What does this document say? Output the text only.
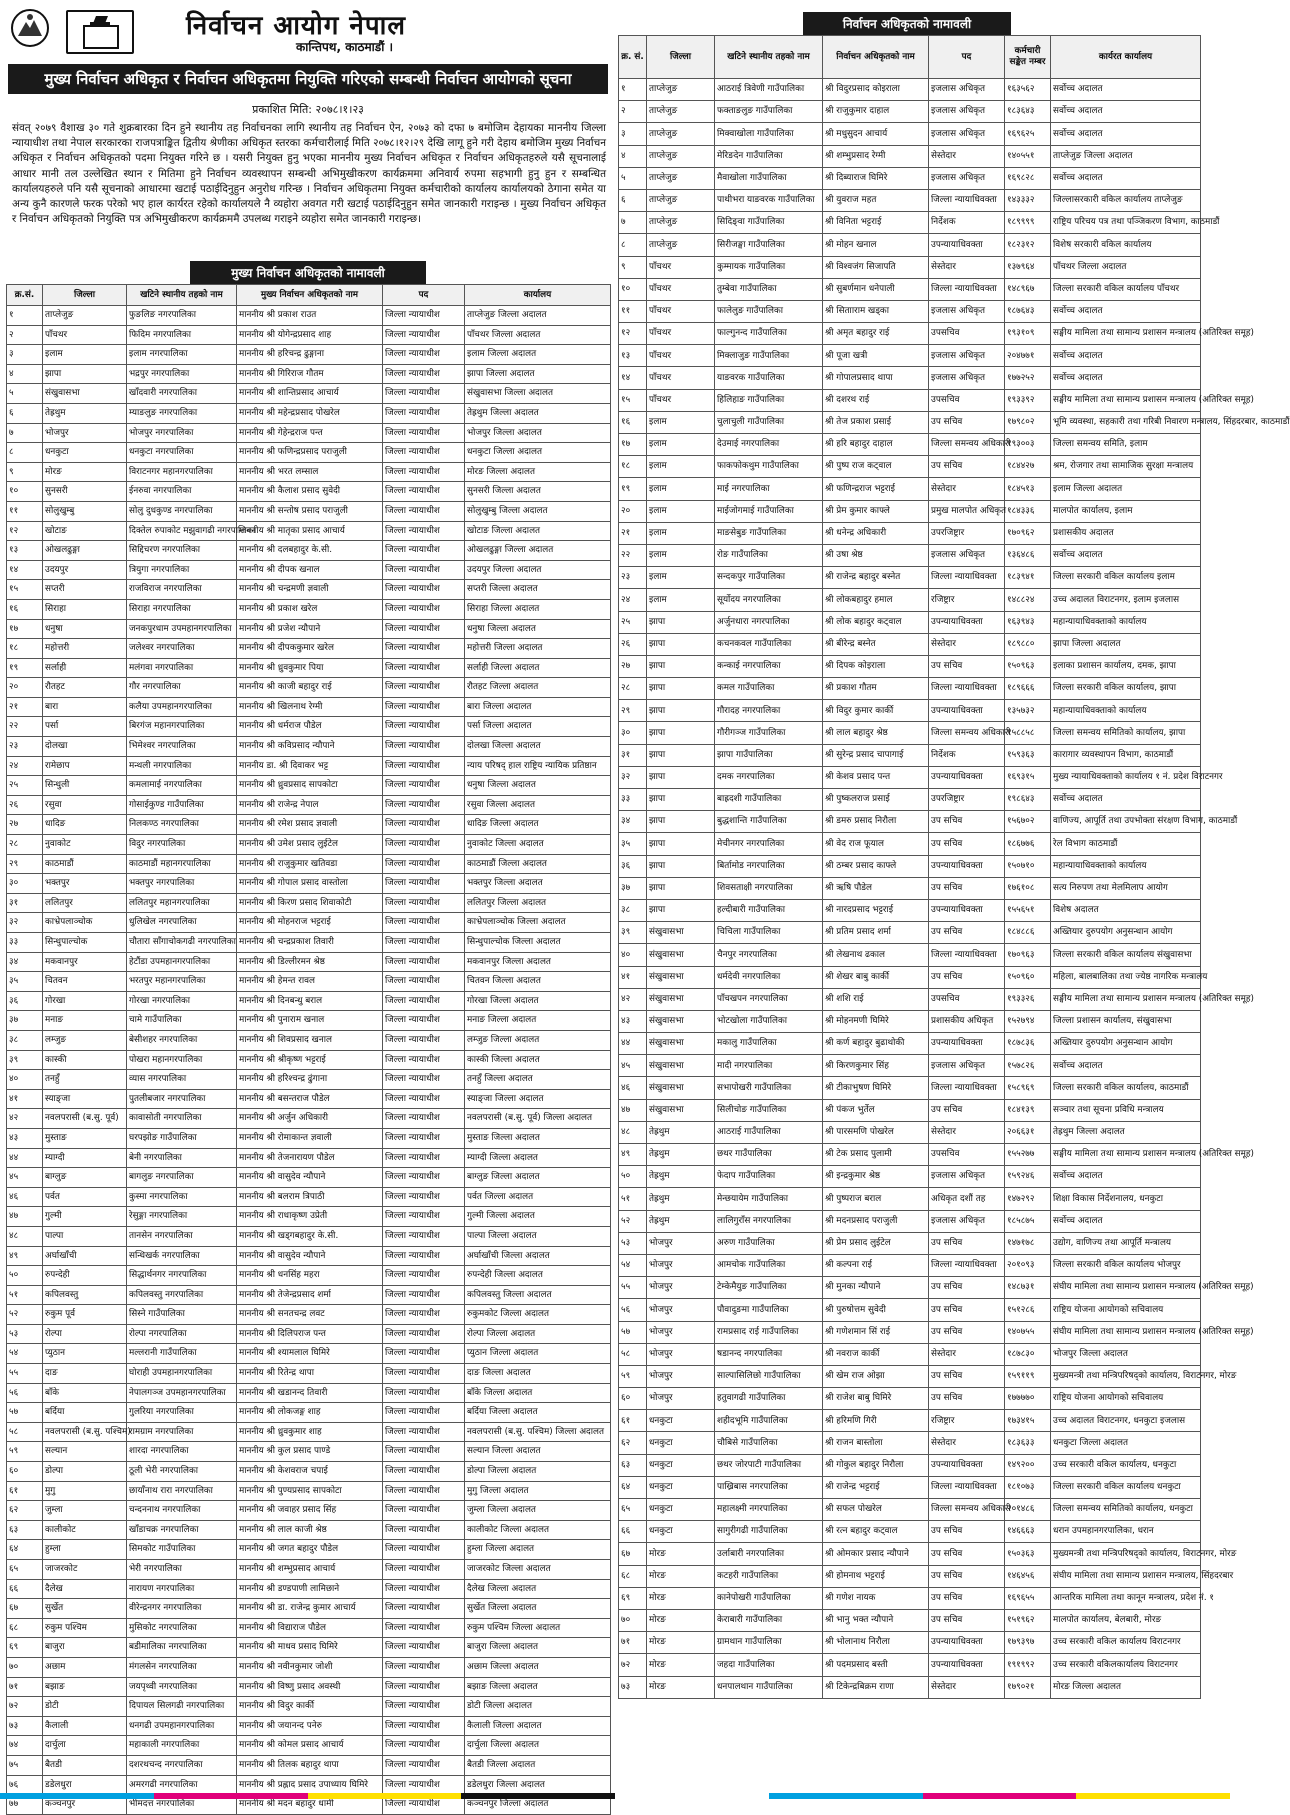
निर्वाचन आयोग नेपाल
कान्तिपथ, काठमाडौं ।
मुख्य निर्वाचन अधिकृत र निर्वाचन अधिकृतमा नियुक्ति गरिएको सम्बन्धी निर्वाचन आयोगको सूचना
प्रकाशित मिति: २०७८।१।२३
संवत् २०७९ वैशाख ३० गते शुक्रबारका दिन हुने स्थानीय तह निर्वाचनका लागि स्थानीय तह निर्वाचन ऐन, २०७३ को दफा ७ बमोजिम देहायका माननीय जिल्ला न्यायाधीश तथा नेपाल सरकारका राजपत्राङ्कित द्वितीय श्रेणीका अधिकृत स्तरका कर्मचारीलाई मिति २०७८।१२।२९ देखि लागू हुने गरी देहाय बमोजिम मुख्य निर्वाचन अधिकृत र निर्वाचन अधिकृतको पदमा नियुक्त गरिने छ । यसरी नियुक्त हुनु भएका माननीय मुख्य निर्वाचन अधिकृत र निर्वाचन अधिकृतहरुले यसै सूचनालाई आधार मानी तल उल्लेखित स्थान र मितिमा हुने निर्वाचन व्यवस्थापन सम्बन्धी अभिमुखीकरण कार्यक्रममा अनिवार्य रुपमा सहभागी हुनु हुन र सम्बन्धित कार्यालयहरुले पनि यसै सूचनाको आधारमा खटाई पठाईदिनुहुन अनुरोध गरिन्छ । निर्वाचन अधिकृतमा नियुक्त कर्मचारीको कार्यालय कार्यालयको ठेगाना समेत या अन्य कुनै कारणले फरक परेको भए हाल कार्यरत रहेको कार्यालयले नै व्यहोरा अवगत गरी खटाई पठाईदिनुहुन समेत जानकारी गराइन्छ । मुख्य निर्वाचन अधिकृत र निर्वाचन अधिकृतको नियुक्ति पत्र अभिमुखीकरण कार्यक्रममै उपलब्ध गराइने व्यहोरा समेत जानकारी गराइन्छ।
मुख्य निर्वाचन अधिकृतको नामावली
क्र.सं.	जिल्ला	खटिने स्थानीय तहको नाम	मुख्य निर्वाचन अधिकृतको नाम	पद	कार्यालय
१	ताप्लेजुङ	फुङलिङ नगरपालिका	माननीय श्री प्रकाश राउत	जिल्ला न्यायाधीश	ताप्लेजुङ जिल्ला अदालत
२	पाँचथर	फिदिम नगरपालिका	माननीय श्री योगेन्द्रप्रसाद शाह	जिल्ला न्यायाधीश	पाँचथर जिल्ला अदालत
३	इलाम	इलाम नगरपालिका	माननीय श्री हरिचन्द्र ढुङ्गाना	जिल्ला न्यायाधीश	इलाम जिल्ला अदालत
४	झापा	भद्रपुर नगरपालिका	माननीय श्री गिरिराज गौतम	जिल्ला न्यायाधीश	झापा जिल्ला अदालत
५	संखुवासभा	खाँदवारी नगरपालिका	माननीय श्री शान्तिप्रसाद आचार्य	जिल्ला न्यायाधीश	संखुवासभा जिल्ला अदालत
६	तेह्रथुम	म्याङलुङ नगरपालिका	माननीय श्री महेन्द्रप्रसाद पोखरेल	जिल्ला न्यायाधीश	तेह्रथुम जिल्ला अदालत
७	भोजपुर	भोजपुर नगरपालिका	माननीय श्री गेहेन्द्रराज पन्त	जिल्ला न्यायाधीश	भोजपुर जिल्ला अदालत
८	धनकुटा	धनकुटा नगरपालिका	माननीय श्री फणिन्द्रप्रसाद पराजुली	जिल्ला न्यायाधीश	धनकुटा जिल्ला अदालत
९	मोरङ	विराटनगर महानगरपालिका	माननीय श्री भरत लम्साल	जिल्ला न्यायाधीश	मोरङ जिल्ला अदालत
१०	सुनसरी	ईनरुवा नगरपालिका	माननीय श्री कैलाश प्रसाद सुवेदी	जिल्ला न्यायाधीश	सुनसरी जिल्ला अदालत
११	सोलुखुम्बु	सोलु दुधकुण्ड नगरपालिका	माननीय श्री सन्तोष प्रसाद पराजुली	जिल्ला न्यायाधीश	सोलुखुम्बु जिल्ला अदालत
१२	खोटाङ	दिक्तेल रुपाकोट मझुवागढी नगरपालिका	माननीय श्री मातृका प्रसाद आचार्य	जिल्ला न्यायाधीश	खोटाङ जिल्ला अदालत
१३	ओखलढुङ्गा	सिद्दिचरण नगरपालिका	माननीय श्री दलबहादुर के.सी.	जिल्ला न्यायाधीश	ओखलढुङ्गा जिल्ला अदालत
१४	उदयपुर	त्रियुगा नगरपालिका	माननीय श्री दीपक खनाल	जिल्ला न्यायाधीश	उदयपुर जिल्ला अदालत
१५	सप्तरी	राजविराज नगरपालिका	माननीय श्री चन्द्रमणी ज्ञवाली	जिल्ला न्यायाधीश	सप्तरी जिल्ला अदालत
१६	सिराहा	सिराहा नगरपालिका	माननीय श्री प्रकाश खरेल	जिल्ला न्यायाधीश	सिराहा जिल्ला अदालत
१७	धनुषा	जनकपुरधाम उपमहानगरपालिका	माननीय श्री प्रजेश न्यौपाने	जिल्ला न्यायाधीश	धनुषा जिल्ला अदालत
१८	महोत्तरी	जलेश्वर नगरपालिका	माननीय श्री दीपककुमार खरेल	जिल्ला न्यायाधीश	महोत्तरी जिल्ला अदालत
१९	सर्लाही	मलंगवा नगरपालिका	माननीय श्री ध्रुवकुमार पिया	जिल्ला न्यायाधीश	सर्लाही जिल्ला अदालत
२०	रौतहट	गौर नगरपालिका	माननीय श्री काजी बहादुर राई	जिल्ला न्यायाधीश	रौतहट जिल्ला अदालत
२१	बारा	कलैया उपमहानगरपालिका	माननीय श्री खिलनाथ रेग्मी	जिल्ला न्यायाधीश	बारा जिल्ला अदालत
२२	पर्सा	बिरगंज महानगरपालिका	माननीय श्री धर्मराज पौडेल	जिल्ला न्यायाधीश	पर्सा जिल्ला अदालत
२३	दोलखा	भिमेश्वर नगरपालिका	माननीय श्री कविप्रसाद न्यौपाने	जिल्ला न्यायाधीश	दोलखा जिल्ला अदालत
२४	रामेछाप	मन्थली नगरपालिका	माननीय डा. श्री दिवाकर भट्ट	जिल्ला न्यायाधीश	न्याय परिषद् हाल राष्ट्रिय न्यायिक प्रतिष्ठान
२५	सिन्धुली	कमलामाई नगरपालिका	माननीय श्री ध्रुवप्रसाद सापकोटा	जिल्ला न्यायाधीश	धनुषा जिल्ला अदालत
२६	रसुवा	गोसाईकुण्ड गाउँपालिका	माननीय श्री राजेन्द्र नेपाल	जिल्ला न्यायाधीश	रसुवा जिल्ला अदालत
२७	धादिङ	निलकण्ठ नगरपालिका	माननीय श्री रमेश प्रसाद ज्ञवाली	जिल्ला न्यायाधीश	धादिङ जिल्ला अदालत
२८	नुवाकोट	विदुर नगरपालिका	माननीय श्री उमेश प्रसाद लुईटेल	जिल्ला न्यायाधीश	नुवाकोट जिल्ला अदालत
२९	काठमाडौं	काठमाडौं महानगरपालिका	माननीय श्री राजुकुमार खतिवडा	जिल्ला न्यायाधीश	काठमाडौं जिल्ला अदालत
३०	भक्तपुर	भक्तपुर नगरपालिका	माननीय श्री गोपाल प्रसाद वास्तोला	जिल्ला न्यायाधीश	भक्तपुर जिल्ला अदालत
३१	ललितपुर	ललितपुर महानगरपालिका	माननीय श्री किरण प्रसाद शिवाकोटी	जिल्ला न्यायाधीश	ललितपुर जिल्ला अदालत
३२	काभ्रेपलाञ्चोक	धुलिखेल नगरपालिका	माननीय श्री मोहनराज भट्टराई	जिल्ला न्यायाधीश	काभ्रेपलाञ्चोक जिल्ला अदालत
३३	सिन्धुपाल्चोक	चौतारा साँगाचोकगढी नगरपालिका	माननीय श्री चन्द्रप्रकाश तिवारी	जिल्ला न्यायाधीश	सिन्धुपाल्चोक जिल्ला अदालत
३४	मकवानपुर	हेटौंडा उपमहानगरपालिका	माननीय श्री डिल्लीरमन श्रेष्ठ	जिल्ला न्यायाधीश	मकवानपुर जिल्ला अदालत
३५	चितवन	भरतपुर महानगरपालिका	माननीय श्री हेमन्त रावल	जिल्ला न्यायाधीश	चितवन जिल्ला अदालत
३६	गोरखा	गोरखा नगरपालिका	माननीय श्री दिनबन्धु बराल	जिल्ला न्यायाधीश	गोरखा जिल्ला अदालत
३७	मनाङ	चामे गाउँपालिका	माननीय श्री पुनाराम खनाल	जिल्ला न्यायाधीश	मनाङ जिल्ला अदालत
३८	लम्जुङ	बेसीशहर नगरपालिका	माननीय श्री शिवप्रसाद खनाल	जिल्ला न्यायाधीश	लम्जुङ जिल्ला अदालत
३९	कास्की	पोखरा महानगरपालिका	माननीय श्री श्रीकृष्ण भट्टराई	जिल्ला न्यायाधीश	कास्की जिल्ला अदालत
४०	तनहुँ	व्यास नगरपालिका	माननीय श्री हरिश्चन्द्र ढुंगाना	जिल्ला न्यायाधीश	तनहुँ जिल्ला अदालत
४१	स्याङ्जा	पुतलीबजार नगरपालिका	माननीय श्री बसन्तराज पौडेल	जिल्ला न्यायाधीश	स्याङ्जा जिल्ला अदालत
४२	नवलपरासी (ब.सु. पूर्व)	कावासोती नगरपालिका	माननीय श्री अर्जुन अधिकारी	जिल्ला न्यायाधीश	नवलपरासी (ब.सु. पूर्व) जिल्ला अदालत
४३	मुस्ताङ	घरपझोङ गाउँपालिका	माननीय श्री रोमाकान्त ज्ञवाली	जिल्ला न्यायाधीश	मुस्ताङ जिल्ला अदालत
४४	म्याग्दी	बेनी नगरपालिका	माननीय श्री तेजनारायण पौडेल	जिल्ला न्यायाधीश	म्याग्दी जिल्ला अदालत
४५	बाग्लुङ	बागलुङ नगरपालिका	माननीय श्री वासुदेव न्यौपाने	जिल्ला न्यायाधीश	बाग्लुङ जिल्ला अदालत
४६	पर्वत	कुस्मा नगरपालिका	माननीय श्री बलराम त्रिपाठी	जिल्ला न्यायाधीश	पर्वत जिल्ला अदालत
४७	गुल्मी	रेसुङ्गा नगरपालिका	माननीय श्री राधाकृष्ण उप्रेती	जिल्ला न्यायाधीश	गुल्मी जिल्ला अदालत
४८	पाल्पा	तानसेन नगरपालिका	माननीय श्री खड्गबहादुर के.सी.	जिल्ला न्यायाधीश	पाल्पा जिल्ला अदालत
४९	अर्घाखाँची	सन्धिखर्क नगरपालिका	माननीय श्री वासुदेव न्यौपाने	जिल्ला न्यायाधीश	अर्घाखाँची जिल्ला अदालत
५०	रुपन्देही	सिद्धार्थनगर नगरपालिका	माननीय श्री धनसिंह महरा	जिल्ला न्यायाधीश	रुपन्देही जिल्ला अदालत
५१	कपिलवस्तु	कपिलवस्तु नगरपालिका	माननीय श्री तेजेन्द्रप्रसाद शर्मा	जिल्ला न्यायाधीश	कपिलवस्तु जिल्ला अदालत
५२	रुकुम पूर्व	सिस्ने गाउँपालिका	माननीय श्री सनतचन्द्र लवट	जिल्ला न्यायाधीश	रुकुमकोट जिल्ला अदालत
५३	रोल्पा	रोल्पा नगरपालिका	माननीय श्री दिलिपराज पन्त	जिल्ला न्यायाधीश	रोल्पा जिल्ला अदालत
५४	प्युठान	मल्लरानी गाउँपालिका	माननीय श्री श्यामलाल घिमिरे	जिल्ला न्यायाधीश	प्युठान जिल्ला अदालत
५५	दाङ	घोराही उपमहानगरपालिका	माननीय श्री रितेन्द्र थापा	जिल्ला न्यायाधीश	दाङ जिल्ला अदालत
५६	बाँके	नेपालगञ्ज उपमहानगरपालिका	माननीय श्री खडानन्द तिवारी	जिल्ला न्यायाधीश	बाँके जिल्ला अदालत
५७	बर्दिया	गुलरिया नगरपालिका	माननीय श्री लोकजङ्ग शाह	जिल्ला न्यायाधीश	बर्दिया जिल्ला अदालत
५८	नवलपरासी (ब.सु. पश्चिम)	रामग्राम नगरपालिका	माननीय श्री ध्रुवकुमार शाह	जिल्ला न्यायाधीश	नवलपरासी (ब.सु. पश्चिम) जिल्ला अदालत
५९	सल्यान	शारदा नगरपालिका	माननीय श्री कुल प्रसाद पाण्डे	जिल्ला न्यायाधीश	सल्यान जिल्ला अदालत
६०	डोल्पा	ठूली भेरी नगरपालिका	माननीय श्री केशवराज चपाई	जिल्ला न्यायाधीश	डोल्पा जिल्ला अदालत
६१	मुगु	छायाँनाथ रारा नगरपालिका	माननीय श्री पुण्यप्रसाद सापकोटा	जिल्ला न्यायाधीश	मुगु जिल्ला अदालत
६२	जुम्ला	चन्दननाथ नगरपालिका	माननीय श्री जवाहर प्रसाद सिंह	जिल्ला न्यायाधीश	जुम्ला जिल्ला अदालत
६३	कालीकोट	खाँडाचक्र नगरपालिका	माननीय श्री लाल काजी श्रेष्ठ	जिल्ला न्यायाधीश	कालीकोट जिल्ला अदालत
६४	हुम्ला	सिमकोट गाउँपालिका	माननीय श्री जगत बहादुर पौडेल	जिल्ला न्यायाधीश	हुम्ला जिल्ला अदालत
६५	जाजरकोट	भेरी नगरपालिका	माननीय श्री शम्भुप्रसाद आचार्य	जिल्ला न्यायाधीश	जाजरकोट जिल्ला अदालत
६६	दैलेख	नारायण नगरपालिका	माननीय श्री डण्डपाणी लामिछाने	जिल्ला न्यायाधीश	दैलेख जिल्ला अदालत
६७	सुर्खेत	वीरेन्द्रनगर नगरपालिका	माननीय श्री डा. राजेन्द्र कुमार आचार्य	जिल्ला न्यायाधीश	सुर्खेत जिल्ला अदालत
६८	रुकुम पश्चिम	मुसिकोट नगरपालिका	माननीय श्री विद्याराज पौडेल	जिल्ला न्यायाधीश	रुकुम पश्चिम जिल्ला अदालत
६९	बाजुरा	बडीमालिका नगरपालिका	माननीय श्री माधव प्रसाद घिमिरे	जिल्ला न्यायाधीश	बाजुरा जिल्ला अदालत
७०	अछाम	मंगलसेन नगरपालिका	माननीय श्री नवीनकुमार जोशी	जिल्ला न्यायाधीश	अछाम जिल्ला अदालत
७१	बझाङ	जयपृथ्वी नगरपालिका	माननीय श्री विष्णु प्रसाद अवस्थी	जिल्ला न्यायाधीश	बझाङ जिल्ला अदालत
७२	डोटी	दिपायल सिलगढी नगरपालिका	माननीय श्री विदुर कार्की	जिल्ला न्यायाधीश	डोटी जिल्ला अदालत
७३	कैलाली	धनगढी उपमहानगरपालिका	माननीय श्री जयानन्द पनेरु	जिल्ला न्यायाधीश	कैलाली जिल्ला अदालत
७४	दार्चुला	महाकाली नगरपालिका	माननीय श्री कोमल प्रसाद आचार्य	जिल्ला न्यायाधीश	दार्चुला जिल्ला अदालत
७५	बैतडी	दशरथचन्द नगरपालिका	माननीय श्री तिलक बहादुर थापा	जिल्ला न्यायाधीश	बैतडी जिल्ला अदालत
७६	डडेलधुरा	अमरगढी नगरपालिका	माननीय श्री प्रह्लाद प्रसाद उपाध्याय घिमिरे	जिल्ला न्यायाधीश	डडेलधुरा जिल्ला अदालत
७७	कञ्चनपुर	भीमदत्त नगरपालिका	माननीय श्री मदन बहादुर धामी	जिल्ला न्यायाधीश	कञ्चनपुर जिल्ला अदालत
निर्वाचन अधिकृतको नामावली
क्र. सं.	जिल्ला	खटिने स्थानीय तहको नाम	निर्वाचन अधिकृतको नाम	पद	कर्मचारी सङ्केत नम्बर	कार्यरत कार्यालय
१	ताप्लेजुङ	आठराई त्रिवेणी गाउँपालिका	श्री विदुरप्रसाद कोइराला	इजलास अधिकृत	१६३५६२	सर्वोच्च अदालत
२	ताप्लेजुङ	फक्ताङलुङ गाउँपालिका	श्री राजुकुमार दाहाल	इजलास अधिकृत	१८३६४३	सर्वोच्च अदालत
३	ताप्लेजुङ	मिक्वाखोला गाउँपालिका	श्री मधुसुदन आचार्य	इजलास अधिकृत	१६९६२५	सर्वोच्च अदालत
४	ताप्लेजुङ	मेरिङदेन गाउँपालिका	श्री शम्भुप्रसाद रेग्मी	सेस्तेदार	१४०५५१	ताप्लेजुङ जिल्ला अदालत
५	ताप्लेजुङ	मैवाखोला गाउँपालिका	श्री दिब्याराज घिमिरे	इजलास अधिकृत	१६९८२८	सर्वोच्च अदालत
६	ताप्लेजुङ	पाथीभरा याङवरक गाउँपालिका	श्री युवराज महत	जिल्ला न्यायाधिवक्ता	१४३३३२	जिल्लासरकारी वकिल कार्यालय ताप्लेजुङ
७	ताप्लेजुङ	सिदिङ्वा गाउँपालिका	श्री विनिता भट्टराई	निर्देशक	१८९९९९	राष्ट्रिय परिचय पत्र तथा पञ्जिकरण विभाग, काठमाडौं
८	ताप्लेजुङ	सिरीजङ्घा गाउँपालिका	श्री मोहन खनाल	उपन्यायाधिवक्ता	१८२३१२	विशेष सरकारी वकिल कार्यालय
९	पाँचथर	कुम्मायक गाउँपालिका	श्री विश्वजंग सिजापति	सेस्तेदार	१३७९६४	पाँचथर जिल्ला अदालत
१०	पाँचथर	तुम्बेवा गाउँपालिका	श्री सुबर्णमान धनेपाली	जिल्ला न्यायाधिवक्ता	१४८९६७	जिल्ला सरकारी वकिल कार्यालय पाँचथर
११	पाँचथर	फालेलुङ गाउँपालिका	श्री सितााराम खड्का	इजलास अधिकृत	१८७६४३	सर्वोच्च अदालत
१२	पाँचथर	फाल्गुनन्द गाउँपालिका	श्री अमृत बहादुर राई	उपसचिव	१९३१०९	सङ्घीय मामिला तथा सामान्य प्रशासन मन्त्रालय (अतिरिक्त समूह)
१३	पाँचथर	मिक्लाजुङ गाउँपालिका	श्री पूजा खत्री	इजलास अधिकृत	२०४७७१	सर्वोच्च अदालत
१४	पाँचथर	याङवरक गाउँपालिका	श्री गोपालप्रसाद थापा	इजलास अधिकृत	१७७२५२	सर्वोच्च अदालत
१५	पाँचथर	हिलिहाङ गाउँपालिका	श्री दशरथ राई	उपसचिव	१९३३९२	सङ्घीय मामिला तथा सामान्य प्रशासन मन्त्रालय (अतिरिक्त समूह)
१६	इलाम	चुलाचुली गाउँपालिका	श्री तेज प्रकाश प्रसाई	उप सचिव	१७९८०२	भूमि व्यवस्था, सहकारी तथा गरिबी निवारण मन्त्रालय, सिंहदरबार, काठमाडौं
१७	इलाम	देउमाई नगरपालिका	श्री हरि बहादुर दाहाल	जिल्ला समन्वय अधिकारी	१९३००३	जिल्ला समन्वय समिति, इलाम
१८	इलाम	फाकफोकथुम गाउँपालिका	श्री पुष्प राज कट्वाल	उप सचिव	१८४४२७	श्रम, रोजगार तथा सामाजिक सुरक्षा मन्त्रालय
१९	इलाम	माई नगरपालिका	श्री फणिन्द्रराज भट्टराई	सेस्तेदार	१८४५१३	इलाम जिल्ला अदालत
२०	इलाम	माईजोगमाई गाउँपालिका	श्री प्रेम कुमार काफ्ले	प्रमुख मालपोत अधिकृत	१८४३३६	मालपोत कार्यालय, इलाम
२१	इलाम	माङसेबुङ गाउँपालिका	श्री धनेन्द्र अधिकारी	उपरजिष्ट्रार	१७०९६२	प्रशासकीय अदालत
२२	इलाम	रोङ गाउँपालिका	श्री उषा श्रेष्ठ	इजलास अधिकृत	१३६४८६	सर्वोच्च अदालत
२३	इलाम	सन्दकपुर गाउँपालिका	श्री राजेन्द्र बहादुर बस्नेत	जिल्ला न्यायाधिवक्ता	१८३९४१	जिल्ला सरकारी वकिल कार्यालय इलाम
२४	इलाम	सूर्योदय नगरपालिका	श्री लोकबहादुर हमाल	रजिष्ट्रार	१४८८२४	उच्च अदालत विराटनगर, इलाम इजलास
२५	झापा	अर्जुनधारा नगरपालिका	श्री लोक बहादुर कट्वाल	उपन्यायाधिवक्ता	१६३९४३	महान्यायाधिवक्ताको कार्यालय
२६	झापा	कचनकवल गाउँपालिका	श्री बीरेन्द्र बस्नेत	सेस्तेदार	१८९८८०	झापा जिल्ला अदालत
२७	झापा	कन्काई नगरपालिका	श्री दिपक कोइराला	उप सचिव	१५०९६३	इलाका प्रशासन कार्यालय, दमक, झापा
२८	झापा	कमल गाउँपालिका	श्री प्रकाश गौतम	जिल्ला न्यायाधिवक्ता	१८९६६६	जिल्ला सरकारी वकिल कार्यालय, झापा
२९	झापा	गौरादह नगरपालिका	श्री विदुर कुमार कार्की	उपन्यायाधिवक्ता	१३५७३२	महान्यायाधिवक्ताको कार्यालय
३०	झापा	गौरीगञ्ज गाउँपालिका	श्री लाल बहादुर श्रेष्ठ	जिल्ला समन्वय अधिकारी	१५८८५८	जिल्ला समन्वय समितिको कार्यालय, झापा
३१	झापा	झापा गाउँपालिका	श्री सुरेन्द्र प्रसाद चापागाई	निर्देशक	१५९३६३	कारागार व्यवस्थापन विभाग, काठमाडौं
३२	झापा	दमक नगरपालिका	श्री केशव प्रसाद पन्त	उपन्यायाधिवक्ता	१६९३१५	मुख्य न्यायाधिवक्ताको कार्यालय १ नं. प्रदेश विराटनगर
३३	झापा	बाह्रदशी गाउँपालिका	श्री पुष्कलराज प्रसाई	उपरजिष्ट्रार	१९८६४३	सर्वोच्च अदालत
३४	झापा	बुद्धशान्ति गाउँपालिका	श्री डमरु प्रसाद निरौला	उप सचिव	१५६७०२	वाणिज्य, आपूर्ति तथा उपभोक्ता संरक्षण विभाग, काठमाडौं
३५	झापा	मेचीनगर नगरपालिका	श्री वेद राज फूयाल	उप सचिव	१८६७७६	रेल विभाग काठमाडौं
३६	झापा	बिर्तामोड नगरपालिका	श्री ठम्बर प्रसाद काफ्ले	उपन्यायाधिवक्ता	१५०७१०	महान्यायाधिवक्ताको कार्यालय
३७	झापा	शिवसताक्षी नगरपालिका	श्री ऋषि पौडेल	उप सचिव	१७६१०८	सत्य निरुपण तथा मेलमिलाप आयोग
३८	झापा	हल्दीबारी गाउँपालिका	श्री नारदप्रसाद भट्टराई	उपन्यायाधिवक्ता	१५५६५१	विशेष अदालत
३९	संखुवासभा	चिचिला गाउँपालिका	श्री प्रतिम प्रसाद शर्मा	उप सचिव	१८४८८६	अख्तियार दुरुपयोग अनुसन्धान आयोग
४०	संखुवासभा	चैनपुर नगरपालिका	श्री लेखनाथ ढकाल	जिल्ला न्यायाधिवक्ता	१७०९६३	जिल्ला सरकारी वकिल कार्यालय संखुवासभा
४१	संखुवासभा	धर्मदेवी नगरपालिका	श्री शेखर बाबु कार्की	उप सचिव	१५०९६०	महिला, बालबालिका तथा ज्येष्ठ नागरिक मन्त्रालय
४२	संखुवासभा	पाँचखपन नगरपालिका	श्री शशि राई	उपसचिव	१९३३२६	सङ्घीय मामिला तथा सामान्य प्रशासन मन्त्रालय (अतिरिक्त समूह)
४३	संखुवासभा	भोटखोला गाउँपालिका	श्री मोहनमणी घिमिरे	प्रशासकीय अधिकृत	१५२७९४	जिल्ला प्रशासन कार्यालय, संखुवासभा
४४	संखुवासभा	मकालु गाउँपालिका	श्री कर्ण बहादुर बुढाथोकी	उपन्यायाधिवक्ता	१८७८३६	अख्तियार दुरुपयोग अनुसन्धान आयोग
४५	संखुवासभा	मादी नगरपालिका	श्री किरणकुमार सिंह	इजलास अधिकृत	१५७८२६	सर्वोच्च अदालत
४६	संखुवासभा	सभापोखरी गाउँपालिका	श्री टीकाभुषण घिमिरे	जिल्ला न्यायाधिवक्ता	१५८९६९	जिल्ला सरकारी वकिल कार्यालय, काठमाडौं
४७	संखुवासभा	सिलीचोङ गाउँपालिका	श्री पंकज भुर्तेल	उप सचिव	१८४१३९	सञ्चार तथा सूचना प्रविधि मन्त्रालय
४८	तेह्रथुम	आठराई गाउँपालिका	श्री पारसमणि पोखरेल	सेस्तेदार	२०६६३१	तेह्रथुम जिल्ला अदालत
४९	तेह्रथुम	छथर गाउँपालिका	श्री टेक प्रसाद पुलामी	उपसचिव	१५५२७७	सङ्घीय मामिला तथा सामान्य प्रशासन मन्त्रालय (अतिरिक्त समूह)
५०	तेह्रथुम	फेदाप गाउँपालिका	श्री इन्द्रकुमार श्रेष्ठ	इजलास अधिकृत	१५९२४६	सर्वोच्च अदालत
५१	तेह्रथुम	मेन्छयायेम गाउँपालिका	श्री पुष्पराज बराल	अधिकृत दशौं तह	१४७२९२	शिक्षा विकास निर्देशनालय, धनकुटा
५२	तेह्रथुम	लालिगुराँस नगरपालिका	श्री मदनप्रसाद पराजुली	इजलास अधिकृत	१८५८७५	सर्वोच्च अदालत
५३	भोजपुर	अरुण गाउँपालिका	श्री प्रेम प्रसाद लुईटेल	उप सचिव	१४७१७८	उद्योग, वाणिज्य तथा आपूर्ति मन्त्रालय
५४	भोजपुर	आमचोक गाउँपालिका	श्री कल्पना राई	जिल्ला न्यायाधिवक्ता	२०१०९३	जिल्ला सरकारी वकिल कार्यालय भोजपुर
५५	भोजपुर	टेम्केमैयुङ गाउँपालिका	श्री मुनका न्यौपाने	उप सचिव	१४८७३१	संघीय मामिला तथा सामान्य प्रशासन मन्त्रालय (अतिरिक्त समूह)
५६	भोजपुर	पौवादुङमा गाउँपालिका	श्री पुरुषोत्तम सुवेदी	उप सचिव	१५१२८६	राष्ट्रिय योजना आयोगको सचिवालय
५७	भोजपुर	रामप्रसाद राई गाउँपालिका	श्री गणेशमान सिं राई	उप सचिव	१४०७५५	संघीय मामिला तथा सामान्य प्रशासन मन्त्रालय (अतिरिक्त समूह)
५८	भोजपुर	षडानन्द नगरपालिका	श्री नवराज कार्की	सेस्तेदार	१८७८३०	भोजपुर जिल्ला अदालत
५९	भोजपुर	साल्पासिलिछो गाउँपालिका	श्री खेम राज ओझा	उप सचिव	१५९११९	मुख्यमन्त्री तथा मन्त्रिपरिषद्को कार्यालय, विराटनगर, मोरङ
६०	भोजपुर	हतुवागढी गाउँपालिका	श्री राजेश बाबु घिमिरे	उप सचिव	१७७७७०	राष्ट्रिय योजना आयोगको सचिवालय
६१	धनकुटा	शहीदभूमि गाउँपालिका	श्री हरिमणि गिरी	रजिष्ट्रार	१७३४१५	उच्च अदालत विराटनगर, धनकुटा इजलास
६२	धनकुटा	चौबिसे गाउँपालिका	श्री राजन बास्तोला	सेस्तेदार	१८३६३३	धनकुटा जिल्ला अदालत
६३	धनकुटा	छथर जोरपाटी गाउँपालिका	श्री गोकुल बहादुर निरौला	उपन्यायाधिवक्ता	१४९२००	उच्च सरकारी वकिल कार्यालय, धनकुटा
६४	धनकुटा	पाख्रिबास नगरपालिका	श्री राजेन्द्र भट्टराई	जिल्ला न्यायाधिवक्ता	१८१०७३	जिल्ला सरकारी वकिल कार्यालय धनकुटा
६५	धनकुटा	महालक्ष्मी नगरपालिका	श्री सफल पोखरेल	जिल्ला समन्वय अधिकारी	२०१४८६	जिल्ला समन्वय समितिको कार्यालय, धनकुटा
६६	धनकुटा	सागुरीगढी गाउँपालिका	श्री रत्न बहादुर कट्वाल	उप सचिव	१४६६६३	धरान उपमहानगरपालिका, धरान
६७	मोरङ	उर्लाबारी नगरपालिका	श्री ओमकार प्रसाद न्यौपाने	उप सचिव	१५०३६३	मुख्यमन्त्री तथा मन्त्रिपरिषद्को कार्यालय, विराटनगर, मोरङ
६८	मोरङ	कटहरी गाउँपालिका	श्री होमनाथ भट्टराई	उप सचिव	१४६४५६	संघीय मामिला तथा सामान्य प्रशासन मन्त्रालय, सिंहदरबार
६९	मोरङ	कानेपोखरी गाउँपालिका	श्री गणेश नायक	उप सचिव	१६९६५५	आन्तरिक मामिला तथा कानून मन्त्रालय, प्रदेश नं. १
७०	मोरङ	केराबारी गाउँपालिका	श्री भानु भक्त न्यौपाने	उप सचिव	१५१९६२	मालपोत कार्यालय, बेलबारी, मोरङ
७१	मोरङ	ग्रामथान गाउँपालिका	श्री भोलानाथ निरौला	उपन्यायाधिवक्ता	१७९३९७	उच्च सरकारी वकिल कार्यालय विराटनगर
७२	मोरङ	जहदा गाउँपालिका	श्री पदमप्रसाद बस्ती	उपन्यायाधिवक्ता	१९१९९२	उच्च सरकारी वकिलकार्यालय विराटनगर
७३	मोरङ	धनपालथान गाउँपालिका	श्री टिकेन्द्रबिक्रम राणा	सेस्तेदार	१७९०२१	मोरङ जिल्ला अदालत
